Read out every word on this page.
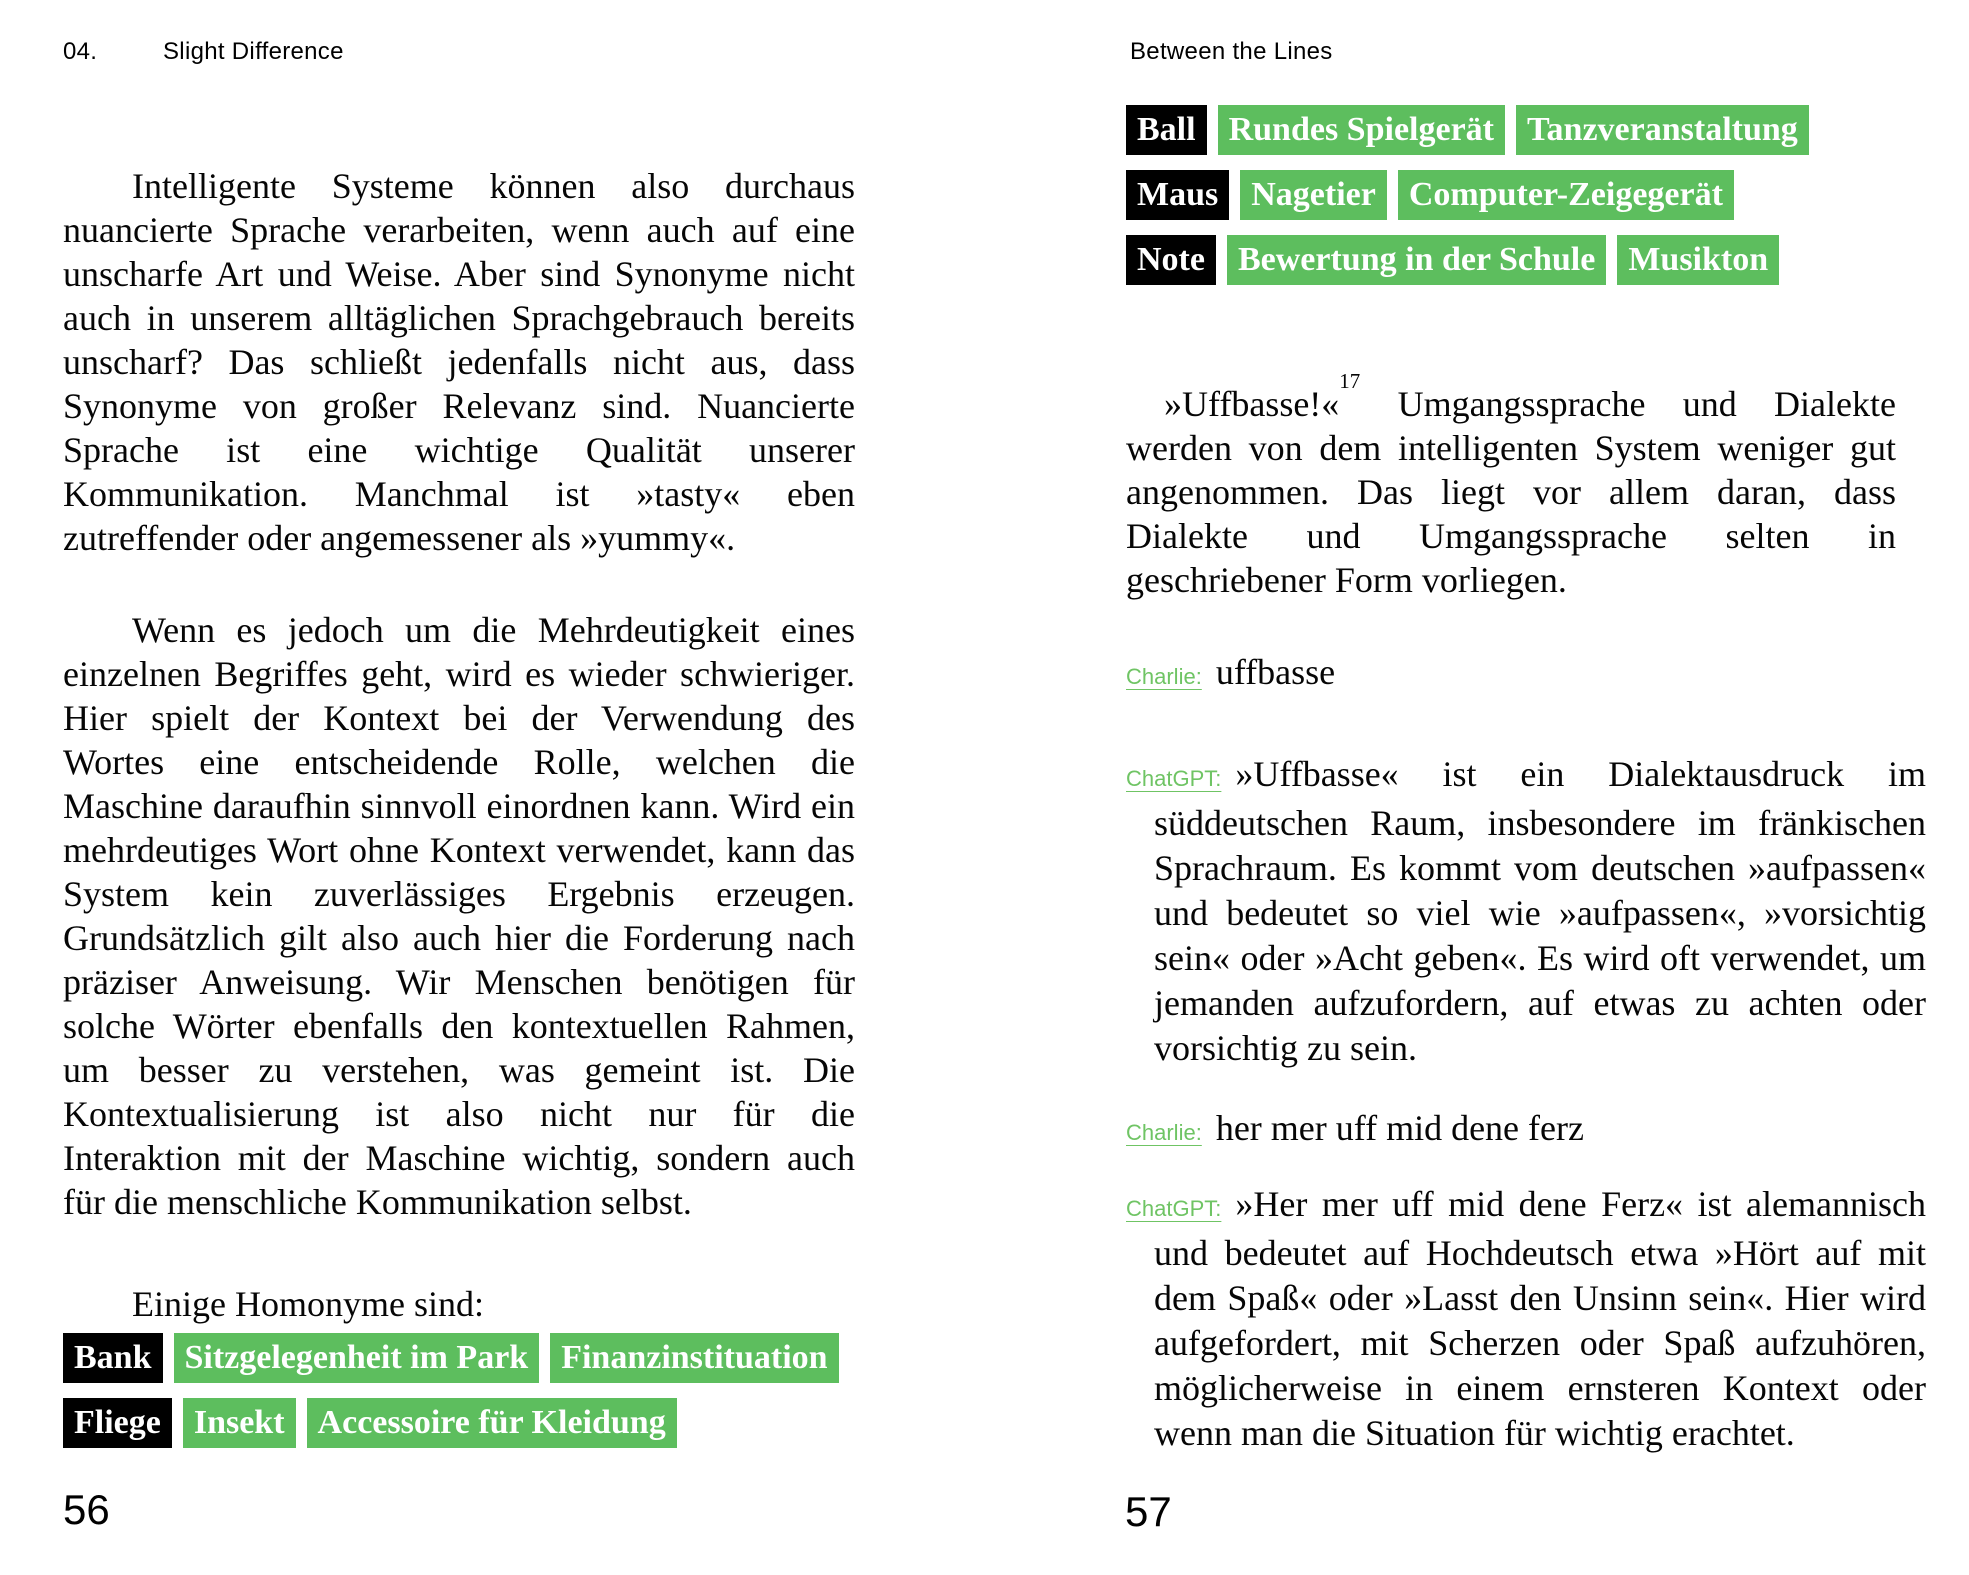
04.	Slight Difference

Intelligente Systeme können also durchaus nuancierte Sprache verarbeiten, wenn auch auf eine unscharfe Art und Weise. Aber sind Synonyme nicht auch in unserem alltäglichen Sprachgebrauch bereits unscharf? Das schließt jedenfalls nicht aus, dass Synonyme von großer Relevanz sind. Nuancierte Sprache ist eine wichtige Qualität unserer Kommunikation. Manchmal ist »tasty« eben zutreffender oder angemessener als »yummy«.

Wenn es jedoch um die Mehrdeutigkeit eines einzelnen Begriffes geht, wird es wieder schwieriger. Hier spielt der Kontext bei der Verwendung des Wortes eine entscheidende Rolle, welchen die Maschine daraufhin sinnvoll einordnen kann. Wird ein mehrdeutiges Wort ohne Kontext verwendet, kann das System kein zuverlässiges Ergebnis erzeugen. Grundsätzlich gilt also auch hier die Forderung nach präziser Anweisung. Wir Menschen benötigen für solche Wörter ebenfalls den kontextuellen Rahmen, um besser zu verstehen, was gemeint ist. Die Kontextualisierung ist also nicht nur für die Interaktion mit der Maschine wichtig, sondern auch für die menschliche Kommunikation selbst.

Einige Homonyme sind:

Bank Sitzgelegenheit im Park Finanzinstituation
Fliege Insekt Accessoire für Kleidung
56
Between the Lines
Ball Rundes Spielgerät Tanzveranstaltung
Maus Nagetier Computer-Zeigegerät
Note Bewertung in der Schule Musikton

»Uffbasse!«$^{17}$ Umgangssprache und Dialekte werden von dem intelligenten System weniger gut angenommen. Das liegt vor allem daran, dass Dialekte und Umgangssprache selten in geschriebener Form vorliegen.

Charlie: uffbasse

ChatGPT: »Uffbasse« ist ein Dialektausdruck im süddeutschen Raum, insbesondere im fränkischen Sprachraum. Es kommt vom deutschen »aufpassen« und bedeutet so viel wie »aufpassen«, »vorsichtig sein« oder »Acht geben«. Es wird oft verwendet, um jemanden aufzufordern, auf etwas zu achten oder vorsichtig zu sein.

Charlie: her mer uff mid dene ferz

ChatGPT: »Her mer uff mid dene Ferz« ist alemannisch und bedeutet auf Hochdeutsch etwa »Hört auf mit dem Spaß« oder »Lasst den Unsinn sein«. Hier wird aufgefordert, mit Scherzen oder Spaß aufzuhören, möglicherweise in einem ernsteren Kontext oder wenn man die Situation für wichtig erachtet.

57
